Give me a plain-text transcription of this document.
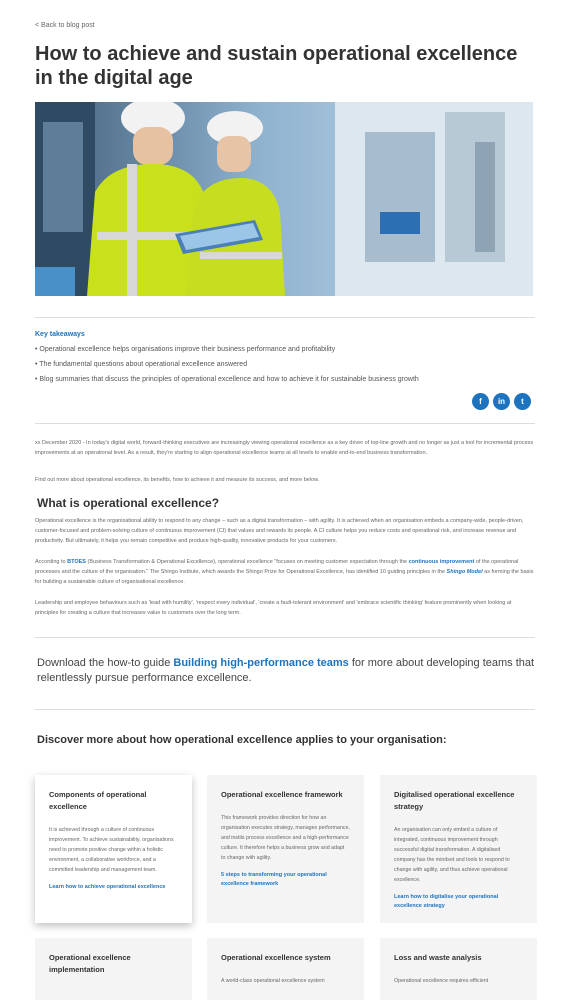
< Back to blog post
How to achieve and sustain operational excellence in the digital age
Key takeaways
• Operational excellence helps organisations improve their business performance and profitability
• The fundamental questions about operational excellence answered
• Blog summaries that discuss the principles of operational excellence and how to achieve it for sustainable business growth
f	in	t

xx December 2020 - In today's digital world, forward-thinking executives are increasingly viewing operational excellence as a key driver of top-line growth and no longer as just a tool for incremental process improvements at an operational level. As a result, they're starting to align operational excellence teams at all levels to enable end-to-end business transformation.

Find out more about operational excellence, its benefits, how to achieve it and measure its success, and more below.

What is operational excellence?

Operational excellence is the organisational ability to respond to any change – such as a digital transformation – with agility. It is achieved when an organisation embeds a company-wide, people-driven, customer-focused and problem-solving culture of continuous improvement (CI) that values and rewards its people. A CI culture helps you reduce costs and operational risk, and increase revenue and productivity. But ultimately, it helps you remain competitive and produce high-quality, innovative products for your customers.

According to BTOES (Business Transformation & Operational Excellence), operational excellence "focuses on meeting customer expectation through the continuous improvement of the operational processes and the culture of the organisation." The Shingo Institute, which awards the Shingo Prize for Operational Excellence, has identified 10 guiding principles in the Shingo Model as forming the basis for building a sustainable culture of organisational excellence.

Leadership and employee behaviours such as 'lead with humility', 'respect every individual', 'create a fault-tolerant environment' and 'embrace scientific thinking' feature prominently when looking at principles for creating a culture that increases value to customers over the long term.

Download the how-to guide Building high-performance teams for more about developing teams that relentlessly pursue performance excellence.

Discover more about how operational excellence applies to your organisation:
Components of operational excellence

It is achieved through a culture of continuous improvement. To achieve sustainability, organisations need to promote positive change within a holistic environment, a collaborative workforce, and a committed leadership and management team.

Learn how to achieve operational excellence
Operational excellence framework

This framework provides direction for how an organisation executes strategy, manages performance, and instils process excellence and a high-performance culture. It therefore helps a business grow and adapt to change with agility.

5 steps to transforming your operational excellence framework
Digitalised operational excellence strategy

An organisation can only embed a culture of integrated, continuous improvement through successful digital transformation. A digitalised company has the mindset and tools to respond to change with agility, and thus achieve operational excellence.

Learn how to digitalise your operational excellence strategy
Operational excellence implementation
Operational excellence system

A world-class operational excellence system

Loss and waste analysis

Operational excellence requires efficient
